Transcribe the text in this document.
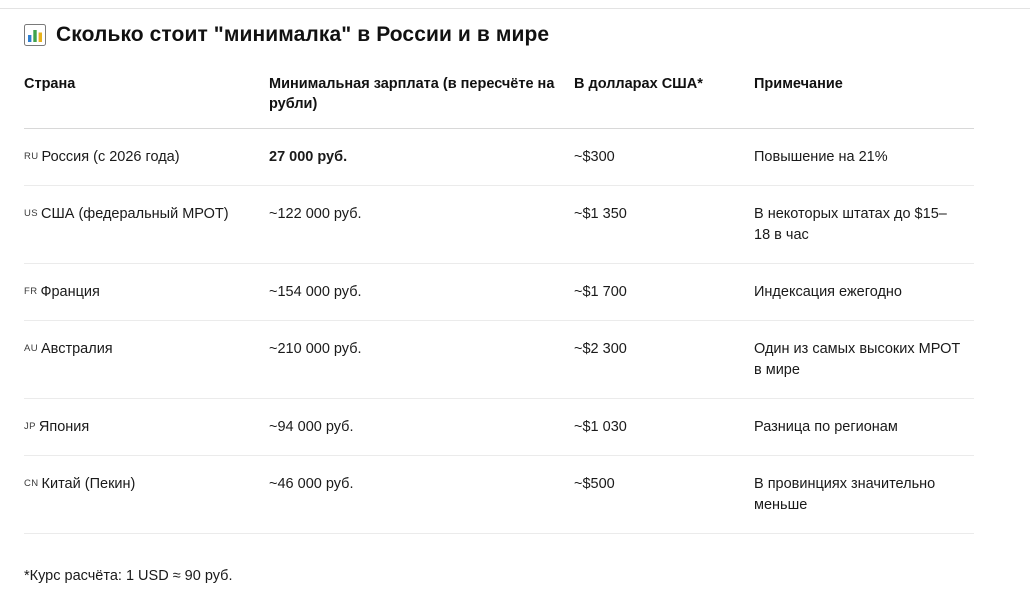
Сколько стоит "минималка" в России и в мире
Страна	Минимальная зарплата (в пересчёте на рубли)	В долларах США*	Примечание
RU Россия (с 2026 года)	27 000 руб.	~$300	Повышение на 21%
US США (федеральный МРОТ)	~122 000 руб.	~$1 350	В некоторых штатах до $15–18 в час
FR Франция	~154 000 руб.	~$1 700	Индексация ежегодно
AU Австралия	~210 000 руб.	~$2 300	Один из самых высоких МРОТ в мире
JP Япония	~94 000 руб.	~$1 030	Разница по регионам
CN Китай (Пекин)	~46 000 руб.	~$500	В провинциях значительно меньше
*Курс расчёта: 1 USD ≈ 90 руб.
